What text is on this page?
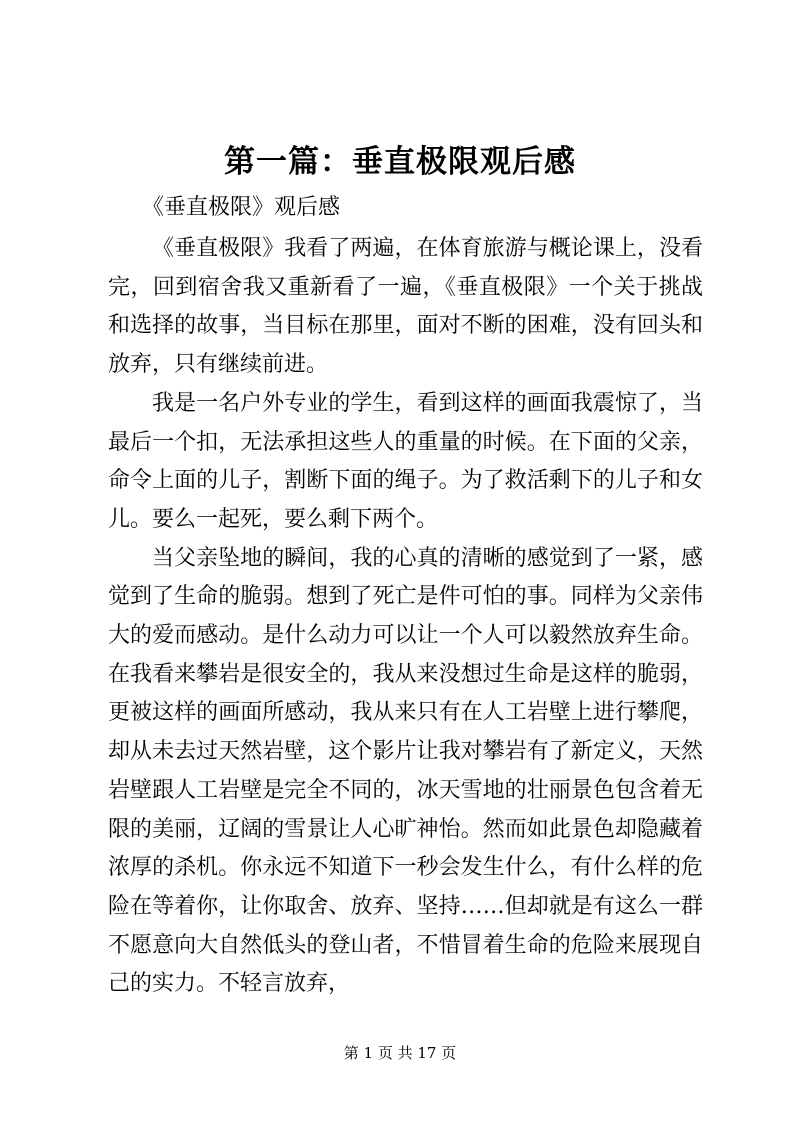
第一篇：垂直极限观后感

《垂直极限》观后感

《垂直极限》我看了两遍，在体育旅游与概论课上，没看完，回到宿舍我又重新看了一遍，《垂直极限》一个关于挑战和选择的故事，当目标在那里，面对不断的困难，没有回头和放弃，只有继续前进。

我是一名户外专业的学生，看到这样的画面我震惊了，当最后一个扣，无法承担这些人的重量的时候。在下面的父亲，命令上面的儿子，割断下面的绳子。为了救活剩下的儿子和女儿。要么一起死，要么剩下两个。

当父亲坠地的瞬间，我的心真的清晰的感觉到了一紧，感觉到了生命的脆弱。想到了死亡是件可怕的事。同样为父亲伟大的爱而感动。是什么动力可以让一个人可以毅然放弃生命。在我看来攀岩是很安全的，我从来没想过生命是这样的脆弱，更被这样的画面所感动，我从来只有在人工岩壁上进行攀爬，却从未去过天然岩壁，这个影片让我对攀岩有了新定义，天然岩壁跟人工岩壁是完全不同的，冰天雪地的壮丽景色包含着无限的美丽，辽阔的雪景让人心旷神怡。然而如此景色却隐藏着浓厚的杀机。你永远不知道下一秒会发生什么，有什么样的危险在等着你，让你取舍、放弃、坚持……但却就是有这么一群不愿意向大自然低头的登山者，不惜冒着生命的危险来展现自己的实力。不轻言放弃，

第 1 页 共 17 页
